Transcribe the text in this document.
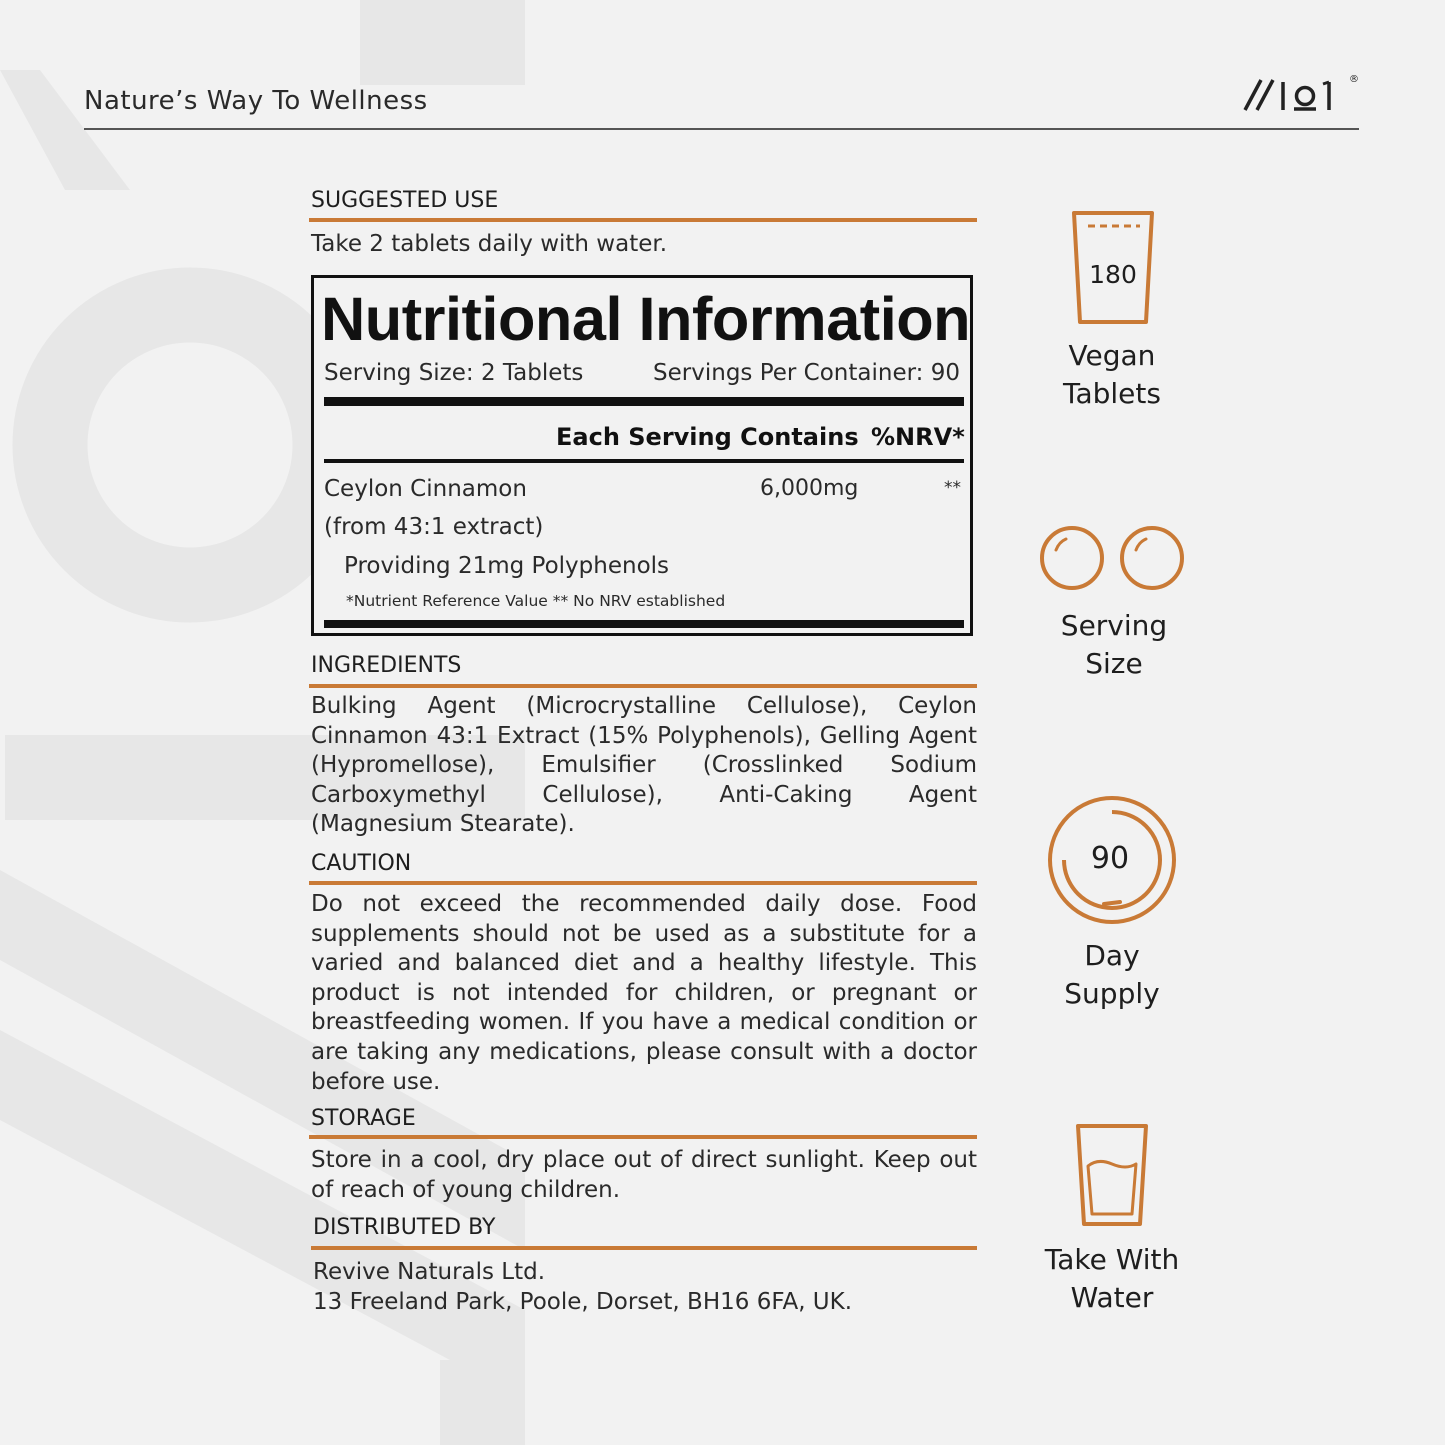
Nature’s Way To Wellness
®
SUGGESTED USE
Take 2 tablets daily with water.
Nutritional Information
Serving Size: 2 Tablets	Servings Per Container: 90
Each Serving Contains %NRV*
Ceylon Cinnamon	6,000mg	**
(from 43:1 extract)
Providing 21mg Polyphenols
*Nutrient Reference Value ** No NRV established
INGREDIENTS
Bulking Agent (Microcrystalline Cellulose), Ceylon Cinnamon 43:1 Extract (15% Polyphenols), Gelling Agent (Hypromellose), Emulsifier (Crosslinked Sodium Carboxymethyl Cellulose), Anti-Caking Agent (Magnesium Stearate).
CAUTION
Do not exceed the recommended daily dose. Food supplements should not be used as a substitute for a varied and balanced diet and a healthy lifestyle. This product is not intended for children, or pregnant or breastfeeding women. If you have a medical condition or are taking any medications, please consult with a doctor before use.
STORAGE
Store in a cool, dry place out of direct sunlight. Keep out of reach of young children.
DISTRIBUTED BY
Revive Naturals Ltd.
13 Freeland Park, Poole, Dorset, BH16 6FA, UK.
180
Vegan
Tablets
Serving
Size
90
Day
Supply
Take With
Water
